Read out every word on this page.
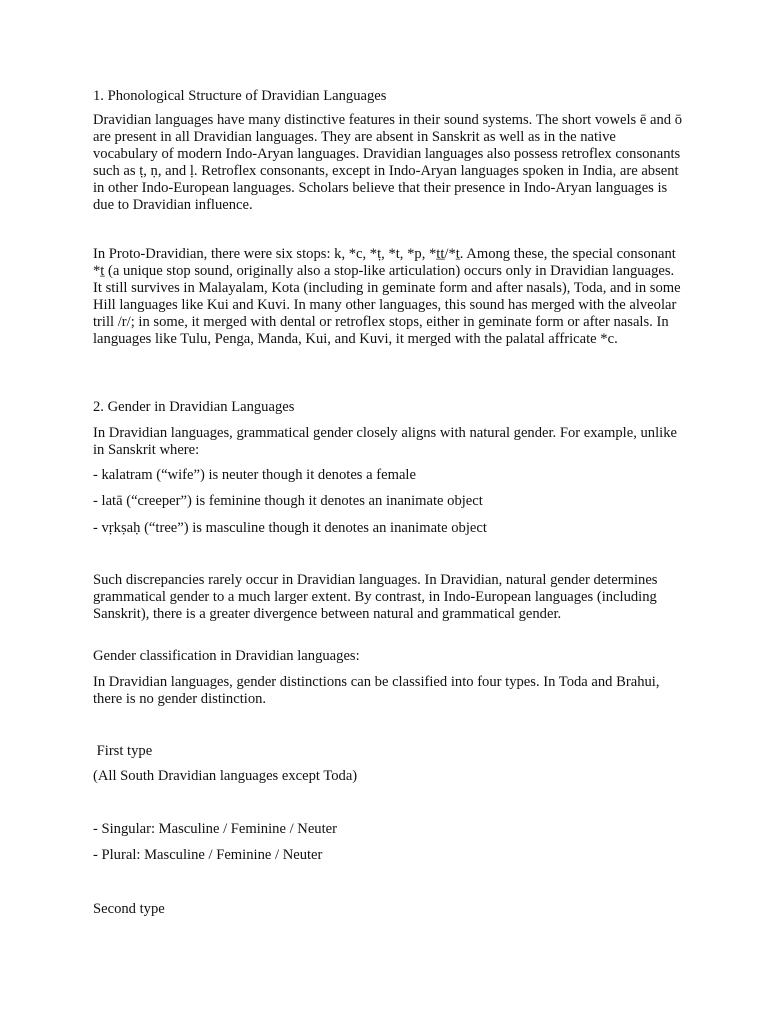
1. Phonological Structure of Dravidian Languages

Dravidian languages have many distinctive features in their sound systems. The short vowels ē and ō are present in all Dravidian languages. They are absent in Sanskrit as well as in the native vocabulary of modern Indo-Aryan languages. Dravidian languages also possess retroflex consonants such as ṭ, ṇ, and ḷ. Retroflex consonants, except in Indo-Aryan languages spoken in India, are absent in other Indo-European languages. Scholars believe that their presence in Indo-Aryan languages is due to Dravidian influence.

In Proto-Dravidian, there were six stops: k, *c, *ṭ, *t, *p, *ṯṯ/*ṯ. Among these, the special consonant *ṯ (a unique stop sound, originally also a stop-like articulation) occurs only in Dravidian languages. It still survives in Malayalam, Kota (including in geminate form and after nasals), Toda, and in some Hill languages like Kui and Kuvi. In many other languages, this sound has merged with the alveolar trill /r/; in some, it merged with dental or retroflex stops, either in geminate form or after nasals. In languages like Tulu, Penga, Manda, Kui, and Kuvi, it merged with the palatal affricate *c.

2. Gender in Dravidian Languages

In Dravidian languages, grammatical gender closely aligns with natural gender. For example, unlike in Sanskrit where:

- kalatram (“wife”) is neuter though it denotes a female

- latā (“creeper”) is feminine though it denotes an inanimate object

- vṛkṣaḥ (“tree”) is masculine though it denotes an inanimate object

Such discrepancies rarely occur in Dravidian languages. In Dravidian, natural gender determines grammatical gender to a much larger extent. By contrast, in Indo-European languages (including Sanskrit), there is a greater divergence between natural and grammatical gender.

Gender classification in Dravidian languages:

In Dravidian languages, gender distinctions can be classified into four types. In Toda and Brahui, there is no gender distinction.

First type

(All South Dravidian languages except Toda)

- Singular: Masculine / Feminine / Neuter

- Plural: Masculine / Feminine / Neuter

Second type
